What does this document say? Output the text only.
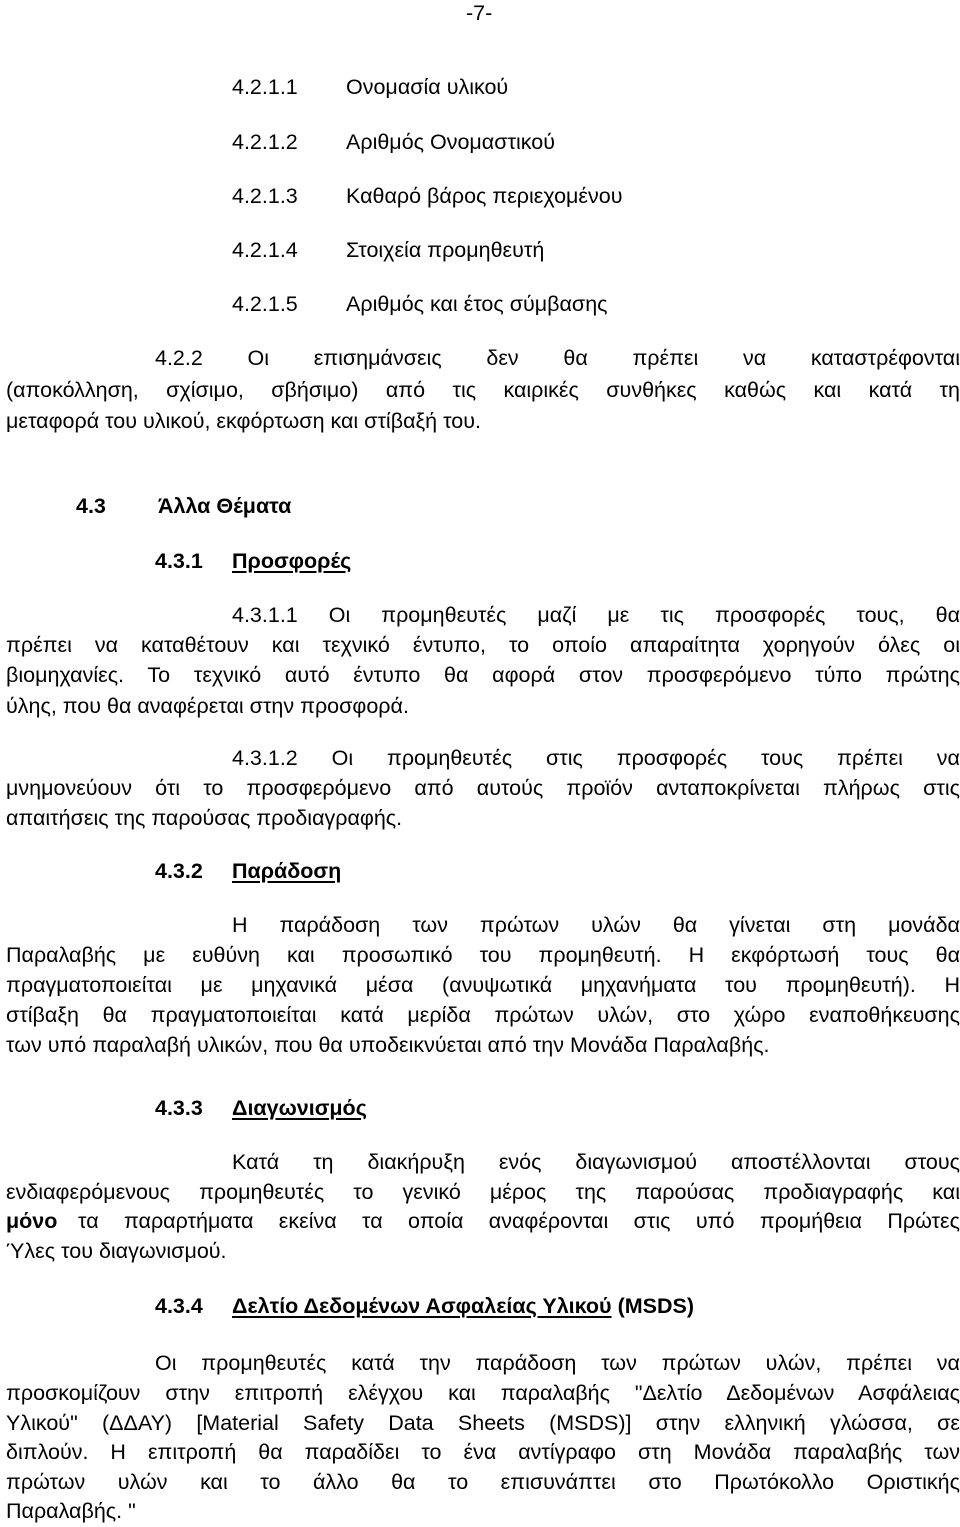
-7-
4.2.1.1 Ονομασία υλικού
4.2.1.2 Αριθμός Ονομαστικού
4.2.1.3 Καθαρό βάρος περιεχομένου
4.2.1.4 Στοιχεία προμηθευτή
4.2.1.5 Αριθμός και έτος σύμβασης
4.2.2 Οι επισημάνσεις δεν θα πρέπει να καταστρέφονται
(αποκόλληση, σχίσιμο, σβήσιμο) από τις καιρικές συνθήκες καθώς και κατά τη
μεταφορά του υλικού, εκφόρτωση και στίβαξή του.
4.3 Άλλα Θέματα
4.3.1 Προσφορές
4.3.1.1 Οι προμηθευτές μαζί με τις προσφορές τους, θα
πρέπει να καταθέτουν και τεχνικό έντυπο, το οποίο απαραίτητα χορηγούν όλες οι
βιομηχανίες. Το τεχνικό αυτό έντυπο θα αφορά στον προσφερόμενο τύπο πρώτης
ύλης, που θα αναφέρεται στην προσφορά.
4.3.1.2 Οι προμηθευτές στις προσφορές τους πρέπει να
μνημονεύουν ότι το προσφερόμενο από αυτούς προϊόν ανταποκρίνεται πλήρως στις
απαιτήσεις της παρούσας προδιαγραφής.
4.3.2 Παράδοση
Η παράδοση των πρώτων υλών θα γίνεται στη μονάδα
Παραλαβής με ευθύνη και προσωπικό του προμηθευτή. Η εκφόρτωσή τους θα
πραγματοποιείται με μηχανικά μέσα (ανυψωτικά μηχανήματα του προμηθευτή). Η
στίβαξη θα πραγματοποιείται κατά μερίδα πρώτων υλών, στο χώρο εναποθήκευσης
των υπό παραλαβή υλικών, που θα υποδεικνύεται από την Μονάδα Παραλαβής.
4.3.3 Διαγωνισμός
Κατά τη διακήρυξη ενός διαγωνισμού αποστέλλονται στους
ενδιαφερόμενους προμηθευτές το γενικό μέρος της παρούσας προδιαγραφής και
μόνο τα παραρτήματα εκείνα τα οποία αναφέρονται στις υπό προμήθεια Πρώτες
Ύλες του διαγωνισμού.
4.3.4 Δελτίο Δεδομένων Ασφαλείας Υλικού (MSDS)
Οι προμηθευτές κατά την παράδοση των πρώτων υλών, πρέπει να
προσκομίζουν στην επιτροπή ελέγχου και παραλαβής "Δελτίο Δεδομένων Ασφάλειας
Υλικού" (ΔΔΑΥ) [Material Safety Data Sheets (MSDS)] στην ελληνική γλώσσα, σε
διπλούν. Η επιτροπή θα παραδίδει το ένα αντίγραφο στη Μονάδα παραλαβής των
πρώτων υλών και το άλλο θα το επισυνάπτει στο Πρωτόκολλο Οριστικής
Παραλαβής. "
